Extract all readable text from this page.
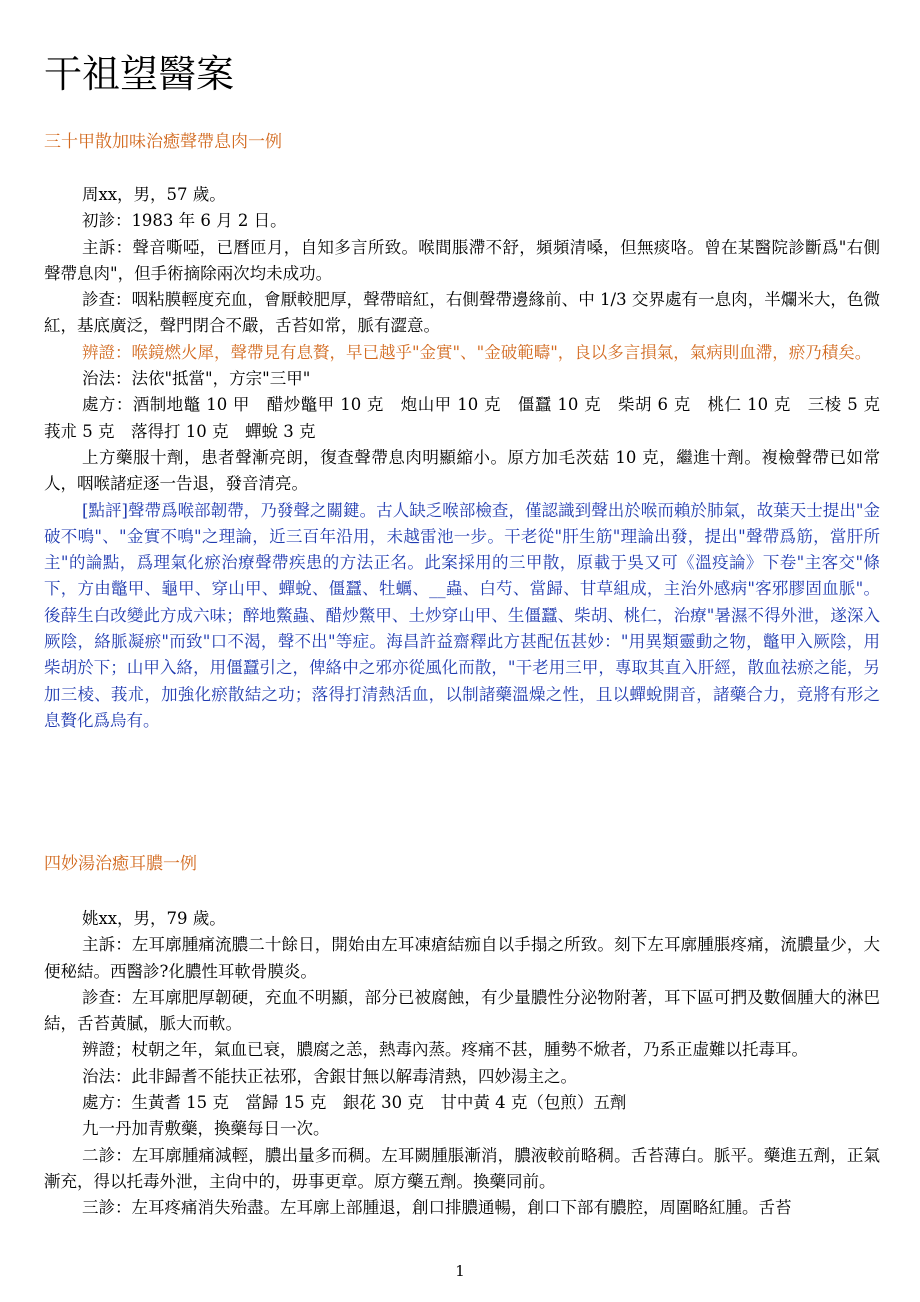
干祖望醫案
三十甲散加味治癒聲帶息肉一例

周xx，男，57 歲。

初診：1983 年 6 月 2 日。

主訴：聲音嘶啞，已曆匝月，自知多言所致。喉間脹滯不舒，頻頻清嗓，但無痰咯。曾在某醫院診斷爲"右側聲帶息肉"，但手術摘除兩次均未成功。

診查：咽粘膜輕度充血，會厭較肥厚，聲帶暗紅，右側聲帶邊緣前、中 1/3 交界處有一息肉，半爛米大，色微紅，基底廣泛，聲門閉合不嚴，舌苔如常，脈有澀意。

辨證：喉鏡燃火犀，聲帶見有息贅，早已越乎"金實"、"金破範疇"，良以多言損氣，氣病則血滯，瘀乃積矣。

治法：法依"抵當"，方宗"三甲"

處方：酒制地鼈 10 甲　醋炒鼈甲 10 克　炮山甲 10 克　僵蠶 10 克　柴胡 6 克　桃仁 10 克　三棱 5 克　莪朮 5 克　落得打 10 克　蟬蛻 3 克

上方藥服十劑，患者聲漸亮朗，復查聲帶息肉明顯縮小。原方加毛茨菇 10 克，繼進十劑。複檢聲帶已如常人，咽喉諸症逐一告退，發音清亮。

[點評]聲帶爲喉部韌帶，乃發聲之關鍵。古人缺乏喉部檢查，僅認識到聲出於喉而賴於肺氣，故葉天士提出"金破不鳴"、"金實不鳴"之理論，近三百年沿用，未越雷池一步。干老從"肝生筋"理論出發，提出"聲帶爲筋，當肝所主"的論點，爲理氣化瘀治療聲帶疾患的方法正名。此案採用的三甲散，原載于吳又可《溫疫論》下卷"主客交"條下，方由鼈甲、龜甲、穿山甲、蟬蛻、僵蠶、牡蠣、__蟲、白芍、當歸、甘草組成，主治外感病"客邪膠固血脈"。後薛生白改變此方成六味；醉地鱉蟲、醋炒鱉甲、土炒穿山甲、生僵蠶、柴胡、桃仁，治療"暑濕不得外泄，遂深入厥陰，絡脈凝瘀"而致"口不渴，聲不出"等症。海昌許益齋釋此方甚配伍甚妙："用異類靈動之物，鼈甲入厥陰，用柴胡於下；山甲入絡，用僵蠶引之，俾絡中之邪亦從風化而散，"干老用三甲，專取其直入肝經，散血祛瘀之能，另加三棱、莪朮，加強化瘀散結之功；落得打清熱活血，以制諸藥溫燥之性，且以蟬蛻開音，諸藥合力，竟將有形之息贅化爲烏有。

四妙湯治癒耳膿一例

姚xx，男，79 歲。

主訴：左耳廓腫痛流膿二十餘日，開始由左耳凍瘡結痂自以手搨之所致。刻下左耳廓腫脹疼痛，流膿量少，大便秘結。西醫診?化膿性耳軟骨膜炎。

診查：左耳廓肥厚韌硬，充血不明顯，部分已被腐蝕，有少量膿性分泌物附著，耳下區可捫及數個腫大的淋巴結，舌苔黃膩，脈大而軟。

辨證；杖朝之年，氣血已衰，膿腐之恙，熱毒內蒸。疼痛不甚，腫勢不焮者，乃系正虛難以托毒耳。

治法：此非歸耆不能扶正祛邪，舍銀甘無以解毒清熱，四妙湯主之。

處方：生黃耆 15 克　當歸 15 克　銀花 30 克　甘中黃 4 克（包煎）五劑

九一丹加青敷藥，換藥每日一次。

二診：左耳廓腫痛減輕，膿出量多而稠。左耳闕腫脹漸消，膿液較前略稠。舌苔薄白。脈平。藥進五劑，正氣漸充，得以托毒外泄，主尙中的，毋事更章。原方藥五劑。換藥同前。

三診：左耳疼痛消失殆盡。左耳廓上部腫退，創口排膿通暢，創口下部有膿腔，周圍略紅腫。舌苔

1
